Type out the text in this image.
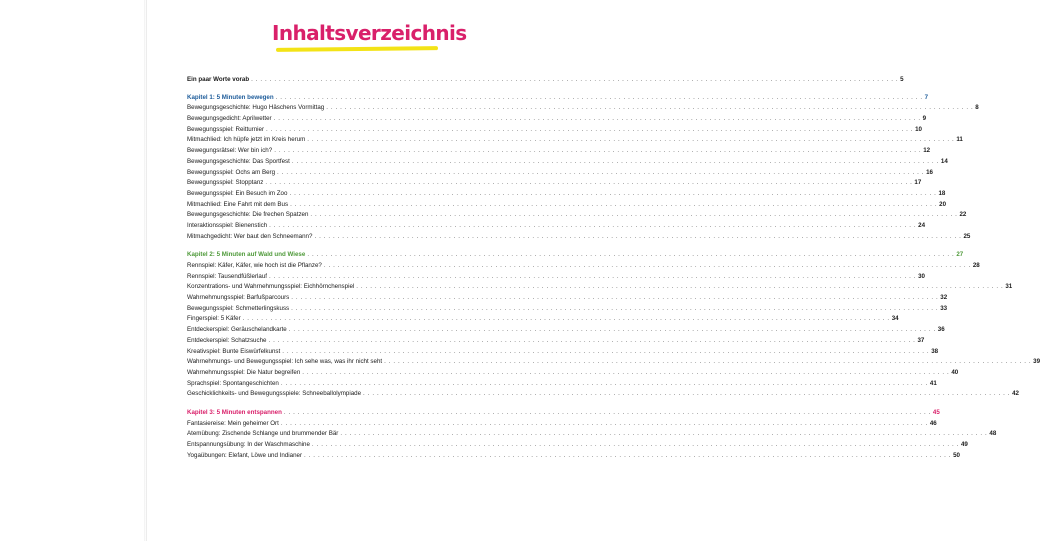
Inhaltsverzeichnis
Ein paar Worte vorab . . . . . . . . . . . . . . . . . . . . . . . . . . . . . . . . . . . . . . . . . . . . . . . . . . . . . . . . . . . . . . . . . . . . . . . . . . . . . . . . . . . . . . . . . . . . . . . . . . . . . . . . . . . . . . . . . . . . . . . . . . . . . . . . . . . . . . . . . . . . 5
Kapitel 1: 5 Minuten bewegen . . . . . . . . . . . . . . . . . . . . . . . . . . . . . . . . . . . . . . . . . . . . . . . . . . . . . . . . . . . . . . . . . . . . . . . . . . . . . . . . . . . . . . . . . . . . . . . . . . . . . . . . . . . . . . . . . . . . . . . . . . . . . . . . . . . . . . . . . . . . 7
Bewegungsgeschichte: Hugo Häschens Vormittag . . . . . . . . . . . . . . . . . . . . . . . . . . . . . . . . . . . . . . . . . . . . . . . . . . . . . . . . . . . . . . . . . . . . . . . . . . . . . . . . . . . . . . . . . . . . . . . . . . . . . . . . . . . . . . . . . . . . . . . . . . . . . . . . . . . . . . . . . . . . 8
Bewegungsgedicht: Aprilwetter . . . . . . . . . . . . . . . . . . . . . . . . . . . . . . . . . . . . . . . . . . . . . . . . . . . . . . . . . . . . . . . . . . . . . . . . . . . . . . . . . . . . . . . . . . . . . . . . . . . . . . . . . . . . . . . . . . . . . . . . . . . . . . . . . . . . . . . . . . . . 9
Bewegungsspiel: Reitturnier . . . . . . . . . . . . . . . . . . . . . . . . . . . . . . . . . . . . . . . . . . . . . . . . . . . . . . . . . . . . . . . . . . . . . . . . . . . . . . . . . . . . . . . . . . . . . . . . . . . . . . . . . . . . . . . . . . . . . . . . . . . . . . . . . . . . . . . . . . . . 10
Mitmachlied: Ich hüpfe jetzt im Kreis herum . . . . . . . . . . . . . . . . . . . . . . . . . . . . . . . . . . . . . . . . . . . . . . . . . . . . . . . . . . . . . . . . . . . . . . . . . . . . . . . . . . . . . . . . . . . . . . . . . . . . . . . . . . . . . . . . . . . . . . . . . . . . . . . . . . . . . . . . . . . . 11
Bewegungsrätsel: Wer bin ich? . . . . . . . . . . . . . . . . . . . . . . . . . . . . . . . . . . . . . . . . . . . . . . . . . . . . . . . . . . . . . . . . . . . . . . . . . . . . . . . . . . . . . . . . . . . . . . . . . . . . . . . . . . . . . . . . . . . . . . . . . . . . . . . . . . . . . . . . . . . . 12
Bewegungsgeschichte: Das Sportfest . . . . . . . . . . . . . . . . . . . . . . . . . . . . . . . . . . . . . . . . . . . . . . . . . . . . . . . . . . . . . . . . . . . . . . . . . . . . . . . . . . . . . . . . . . . . . . . . . . . . . . . . . . . . . . . . . . . . . . . . . . . . . . . . . . . . . . . . . . . . 14
Bewegungsspiel: Ochs am Berg . . . . . . . . . . . . . . . . . . . . . . . . . . . . . . . . . . . . . . . . . . . . . . . . . . . . . . . . . . . . . . . . . . . . . . . . . . . . . . . . . . . . . . . . . . . . . . . . . . . . . . . . . . . . . . . . . . . . . . . . . . . . . . . . . . . . . . . . . . . . 16
Bewegungsspiel: Stopptanz . . . . . . . . . . . . . . . . . . . . . . . . . . . . . . . . . . . . . . . . . . . . . . . . . . . . . . . . . . . . . . . . . . . . . . . . . . . . . . . . . . . . . . . . . . . . . . . . . . . . . . . . . . . . . . . . . . . . . . . . . . . . . . . . . . . . . . . . . . . . 17
Bewegungsspiel: Ein Besuch im Zoo . . . . . . . . . . . . . . . . . . . . . . . . . . . . . . . . . . . . . . . . . . . . . . . . . . . . . . . . . . . . . . . . . . . . . . . . . . . . . . . . . . . . . . . . . . . . . . . . . . . . . . . . . . . . . . . . . . . . . . . . . . . . . . . . . . . . . . . . . . . . 18
Mitmachlied: Eine Fahrt mit dem Bus . . . . . . . . . . . . . . . . . . . . . . . . . . . . . . . . . . . . . . . . . . . . . . . . . . . . . . . . . . . . . . . . . . . . . . . . . . . . . . . . . . . . . . . . . . . . . . . . . . . . . . . . . . . . . . . . . . . . . . . . . . . . . . . . . . . . . . . . . . . . 20
Bewegungsgeschichte: Die frechen Spatzen . . . . . . . . . . . . . . . . . . . . . . . . . . . . . . . . . . . . . . . . . . . . . . . . . . . . . . . . . . . . . . . . . . . . . . . . . . . . . . . . . . . . . . . . . . . . . . . . . . . . . . . . . . . . . . . . . . . . . . . . . . . . . . . . . . . . . . . . . . . . 22
Interaktionsspiel: Bienenstich . . . . . . . . . . . . . . . . . . . . . . . . . . . . . . . . . . . . . . . . . . . . . . . . . . . . . . . . . . . . . . . . . . . . . . . . . . . . . . . . . . . . . . . . . . . . . . . . . . . . . . . . . . . . . . . . . . . . . . . . . . . . . . . . . . . . . . . . . . . . 24
Mitmachgedicht: Wer baut den Schneemann? . . . . . . . . . . . . . . . . . . . . . . . . . . . . . . . . . . . . . . . . . . . . . . . . . . . . . . . . . . . . . . . . . . . . . . . . . . . . . . . . . . . . . . . . . . . . . . . . . . . . . . . . . . . . . . . . . . . . . . . . . . . . . . . . . . . . . . . . . . . . 25
Kapitel 2: 5 Minuten auf Wald und Wiese . . . . . . . . . . . . . . . . . . . . . . . . . . . . . . . . . . . . . . . . . . . . . . . . . . . . . . . . . . . . . . . . . . . . . . . . . . . . . . . . . . . . . . . . . . . . . . . . . . . . . . . . . . . . . . . . . . . . . . . . . . . . . . . . . . . . . . . . . . . . 27
Rennspiel: Käfer, Käfer, wie hoch ist die Pflanze? . . . . . . . . . . . . . . . . . . . . . . . . . . . . . . . . . . . . . . . . . . . . . . . . . . . . . . . . . . . . . . . . . . . . . . . . . . . . . . . . . . . . . . . . . . . . . . . . . . . . . . . . . . . . . . . . . . . . . . . . . . . . . . . . . . . . . . . . . . . . 28
Rennspiel: Tausendfüßlerlauf . . . . . . . . . . . . . . . . . . . . . . . . . . . . . . . . . . . . . . . . . . . . . . . . . . . . . . . . . . . . . . . . . . . . . . . . . . . . . . . . . . . . . . . . . . . . . . . . . . . . . . . . . . . . . . . . . . . . . . . . . . . . . . . . . . . . . . . . . . . . 30
Konzentrations- und Wahrnehmungsspiel: Eichhörnchenspiel . . . . . . . . . . . . . . . . . . . . . . . . . . . . . . . . . . . . . . . . . . . . . . . . . . . . . . . . . . . . . . . . . . . . . . . . . . . . . . . . . . . . . . . . . . . . . . . . . . . . . . . . . . . . . . . . . . . . . . . . . . . . . . . . . . . . . . . . . . . . 31
Wahrnehmungsspiel: Barfußparcours . . . . . . . . . . . . . . . . . . . . . . . . . . . . . . . . . . . . . . . . . . . . . . . . . . . . . . . . . . . . . . . . . . . . . . . . . . . . . . . . . . . . . . . . . . . . . . . . . . . . . . . . . . . . . . . . . . . . . . . . . . . . . . . . . . . . . . . . . . . . 32
Bewegungsspiel: Schmetterlingskuss . . . . . . . . . . . . . . . . . . . . . . . . . . . . . . . . . . . . . . . . . . . . . . . . . . . . . . . . . . . . . . . . . . . . . . . . . . . . . . . . . . . . . . . . . . . . . . . . . . . . . . . . . . . . . . . . . . . . . . . . . . . . . . . . . . . . . . . . . . . . 33
Fingerspiel: 5 Käfer . . . . . . . . . . . . . . . . . . . . . . . . . . . . . . . . . . . . . . . . . . . . . . . . . . . . . . . . . . . . . . . . . . . . . . . . . . . . . . . . . . . . . . . . . . . . . . . . . . . . . . . . . . . . . . . . . . . . . . . . . . . . . . . . . . . . . . . . . . . . 34
Entdeckerspiel: Geräuschelandkarte . . . . . . . . . . . . . . . . . . . . . . . . . . . . . . . . . . . . . . . . . . . . . . . . . . . . . . . . . . . . . . . . . . . . . . . . . . . . . . . . . . . . . . . . . . . . . . . . . . . . . . . . . . . . . . . . . . . . . . . . . . . . . . . . . . . . . . . . . . . . 36
Entdeckerspiel: Schatzsuche . . . . . . . . . . . . . . . . . . . . . . . . . . . . . . . . . . . . . . . . . . . . . . . . . . . . . . . . . . . . . . . . . . . . . . . . . . . . . . . . . . . . . . . . . . . . . . . . . . . . . . . . . . . . . . . . . . . . . . . . . . . . . . . . . . . . . . . . . . . . 37
Kreativspiel: Bunte Eiswürfelkunst . . . . . . . . . . . . . . . . . . . . . . . . . . . . . . . . . . . . . . . . . . . . . . . . . . . . . . . . . . . . . . . . . . . . . . . . . . . . . . . . . . . . . . . . . . . . . . . . . . . . . . . . . . . . . . . . . . . . . . . . . . . . . . . . . . . . . . . . . . . . 38
Wahrnehmungs- und Bewegungsspiel: Ich sehe was, was ihr nicht seht . . . . . . . . . . . . . . . . . . . . . . . . . . . . . . . . . . . . . . . . . . . . . . . . . . . . . . . . . . . . . . . . . . . . . . . . . . . . . . . . . . . . . . . . . . . . . . . . . . . . . . . . . . . . . . . . . . . . . . . . . . . . . . . . . . . . . . . . . . . . 39
Wahrnehmungsspiel: Die Natur begreifen . . . . . . . . . . . . . . . . . . . . . . . . . . . . . . . . . . . . . . . . . . . . . . . . . . . . . . . . . . . . . . . . . . . . . . . . . . . . . . . . . . . . . . . . . . . . . . . . . . . . . . . . . . . . . . . . . . . . . . . . . . . . . . . . . . . . . . . . . . . . 40
Sprachspiel: Spontangeschichten . . . . . . . . . . . . . . . . . . . . . . . . . . . . . . . . . . . . . . . . . . . . . . . . . . . . . . . . . . . . . . . . . . . . . . . . . . . . . . . . . . . . . . . . . . . . . . . . . . . . . . . . . . . . . . . . . . . . . . . . . . . . . . . . . . . . . . . . . . . . 41
Geschicklichkeits- und Bewegungsspiele: Schneeballolympiade . . . . . . . . . . . . . . . . . . . . . . . . . . . . . . . . . . . . . . . . . . . . . . . . . . . . . . . . . . . . . . . . . . . . . . . . . . . . . . . . . . . . . . . . . . . . . . . . . . . . . . . . . . . . . . . . . . . . . . . . . . . . . . . . . . . . . . . . . . . . 42
Kapitel 3: 5 Minuten entspannen . . . . . . . . . . . . . . . . . . . . . . . . . . . . . . . . . . . . . . . . . . . . . . . . . . . . . . . . . . . . . . . . . . . . . . . . . . . . . . . . . . . . . . . . . . . . . . . . . . . . . . . . . . . . . . . . . . . . . . . . . . . . . . . . . . . . . . . . . . . . 45
Fantasiereise: Mein geheimer Ort . . . . . . . . . . . . . . . . . . . . . . . . . . . . . . . . . . . . . . . . . . . . . . . . . . . . . . . . . . . . . . . . . . . . . . . . . . . . . . . . . . . . . . . . . . . . . . . . . . . . . . . . . . . . . . . . . . . . . . . . . . . . . . . . . . . . . . . . . . . . 46
Atemübung: Zischende Schlange und brummender Bär . . . . . . . . . . . . . . . . . . . . . . . . . . . . . . . . . . . . . . . . . . . . . . . . . . . . . . . . . . . . . . . . . . . . . . . . . . . . . . . . . . . . . . . . . . . . . . . . . . . . . . . . . . . . . . . . . . . . . . . . . . . . . . . . . . . . . . . . . . . . 48
Entspannungsübung: In der Waschmaschine . . . . . . . . . . . . . . . . . . . . . . . . . . . . . . . . . . . . . . . . . . . . . . . . . . . . . . . . . . . . . . . . . . . . . . . . . . . . . . . . . . . . . . . . . . . . . . . . . . . . . . . . . . . . . . . . . . . . . . . . . . . . . . . . . . . . . . . . . . . . 49
Yogaübungen: Elefant, Löwe und Indianer . . . . . . . . . . . . . . . . . . . . . . . . . . . . . . . . . . . . . . . . . . . . . . . . . . . . . . . . . . . . . . . . . . . . . . . . . . . . . . . . . . . . . . . . . . . . . . . . . . . . . . . . . . . . . . . . . . . . . . . . . . . . . . . . . . . . . . . . . . . . 50
